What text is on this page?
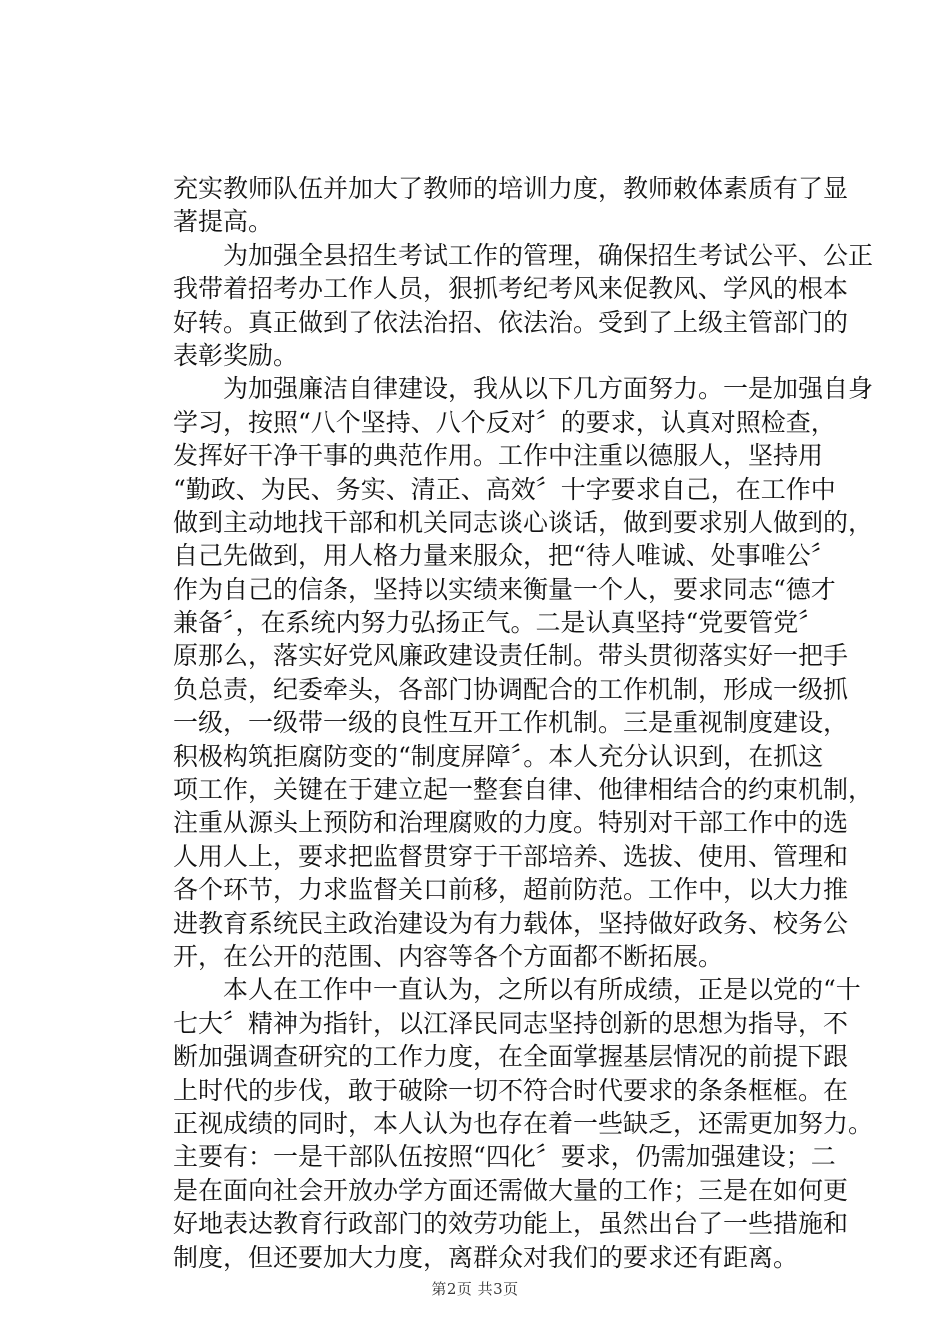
充实教师队伍并加大了教师的培训力度，教师敕体素质有了显
著提高。
　　为加强全县招生考试工作的管理，确保招生考试公平、公正
我带着招考办工作人员，狠抓考纪考风来促教风、学风的根本
好转。真正做到了依法治招、依法治。受到了上级主管部门的
表彰奖励。
　　为加强廉洁自律建设，我从以下几方面努力。一是加强自身
学习，按照“八个坚持、八个反对〞的要求，认真对照检查，
发挥好干净干事的典范作用。工作中注重以德服人，坚持用
“勤政、为民、务实、清正、高效〞十字要求自己，在工作中
做到主动地找干部和机关同志谈心谈话，做到要求别人做到的，
自己先做到，用人格力量来服众，把“待人唯诚、处事唯公〞
作为自己的信条，坚持以实绩来衡量一个人，要求同志“德才
兼备〞，在系统内努力弘扬正气。二是认真坚持“党要管党〞
原那么，落实好党风廉政建设责任制。带头贯彻落实好一把手
负总责，纪委牵头，各部门协调配合的工作机制，形成一级抓
一级，一级带一级的良性互开工作机制。三是重视制度建设，
积极构筑拒腐防变的“制度屏障〞。本人充分认识到，在抓这
项工作，关键在于建立起一整套自律、他律相结合的约束机制，
注重从源头上预防和治理腐败的力度。特别对干部工作中的选
人用人上，要求把监督贯穿于干部培养、选拔、使用、管理和
各个环节，力求监督关口前移，超前防范。工作中，以大力推
进教育系统民主政治建设为有力载体，坚持做好政务、校务公
开，在公开的范围、内容等各个方面都不断拓展。
　　本人在工作中一直认为，之所以有所成绩，正是以党的“十
七大〞精神为指针，以江泽民同志坚持创新的思想为指导，不
断加强调查研究的工作力度，在全面掌握基层情况的前提下跟
上时代的步伐，敢于破除一切不符合时代要求的条条框框。在
正视成绩的同时，本人认为也存在着一些缺乏，还需更加努力。
主要有：一是干部队伍按照“四化〞要求，仍需加强建设；二
是在面向社会开放办学方面还需做大量的工作；三是在如何更
好地表达教育行政部门的效劳功能上，虽然出台了一些措施和
制度，但还要加大力度，离群众对我们的要求还有距离。
第2页 共3页
